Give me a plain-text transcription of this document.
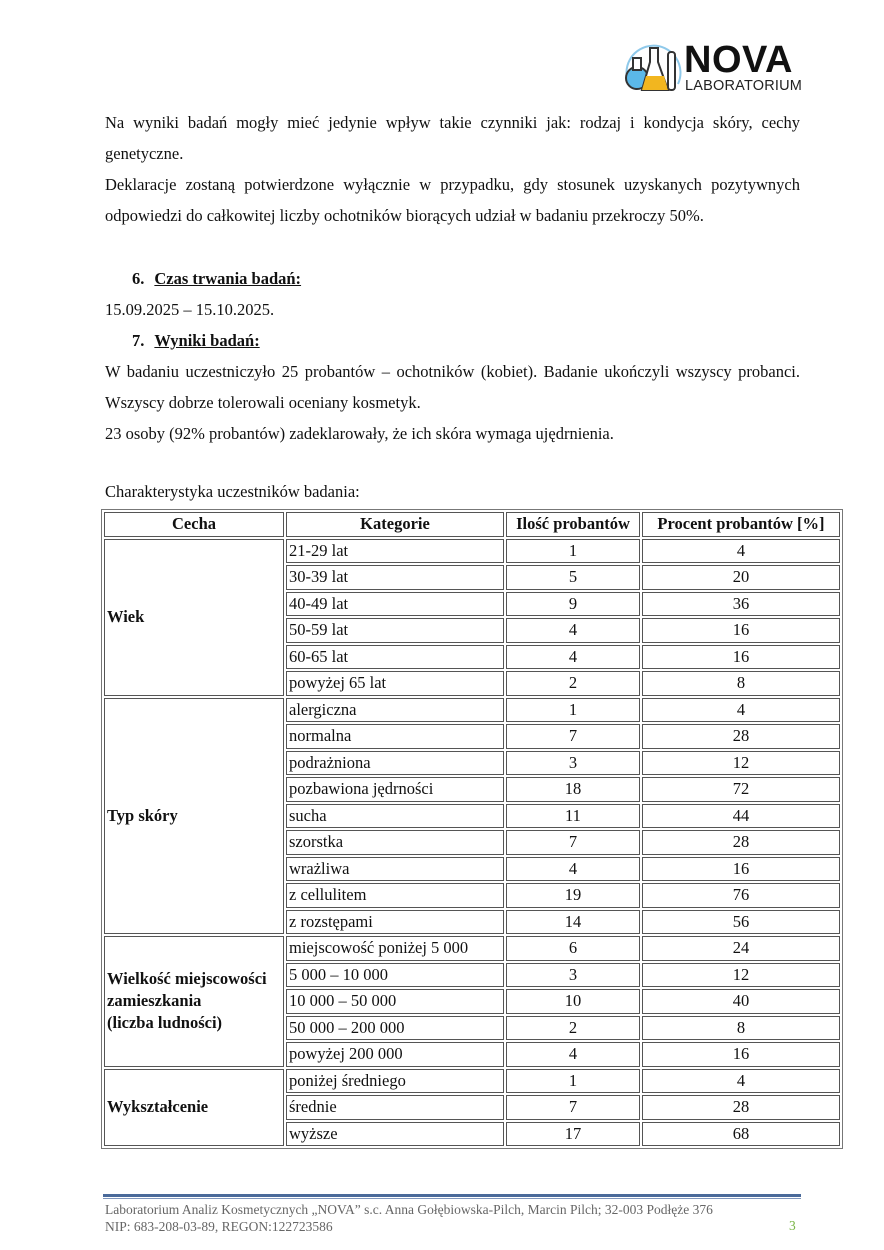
NOVA
LABORATORIUM
Na wyniki badań mogły mieć jedynie wpływ takie czynniki jak: rodzaj i kondycja skóry, cechy genetyczne.
Deklaracje zostaną potwierdzone wyłącznie w przypadku, gdy stosunek uzyskanych pozytywnych odpowiedzi do całkowitej liczby ochotników biorących udział w badaniu przekroczy 50%.
6. Czas trwania badań:
15.09.2025 – 15.10.2025.
7. Wyniki badań:
W badaniu uczestniczyło 25 probantów – ochotników (kobiet). Badanie ukończyli wszyscy probanci. Wszyscy dobrze tolerowali oceniany kosmetyk.
23 osoby (92% probantów) zadeklarowały, że ich skóra wymaga ujędrnienia.
Charakterystyka uczestników badania:
Cecha	Kategorie	Ilość probantów	Procent probantów [%]
Wiek	21-29 lat	1	4
	30-39 lat	5	20
	40-49 lat	9	36
	50-59 lat	4	16
	60-65 lat	4	16
	powyżej 65 lat	2	8
Typ skóry	alergiczna	1	4
	normalna	7	28
	podrażniona	3	12
	pozbawiona jędrności	18	72
	sucha	11	44
	szorstka	7	28
	wrażliwa	4	16
	z cellulitem	19	76
	z rozstępami	14	56

Wielkość miejscowości
zamieszkania
(liczba ludności)	miejscowość poniżej 5 000	6	24
	5 000 – 10 000	3	12
	10 000 – 50 000	10	40
	50 000 – 200 000	2	8
	powyżej 200 000	4	16
Wykształcenie	poniżej średniego	1	4
	średnie	7	28
	wyższe	17	68
Laboratorium Analiz Kosmetycznych „NOVA” s.c. Anna Gołębiowska-Pilch, Marcin Pilch; 32-003 Podłęże 376
NIP: 683-208-03-89, REGON:122723586	3
